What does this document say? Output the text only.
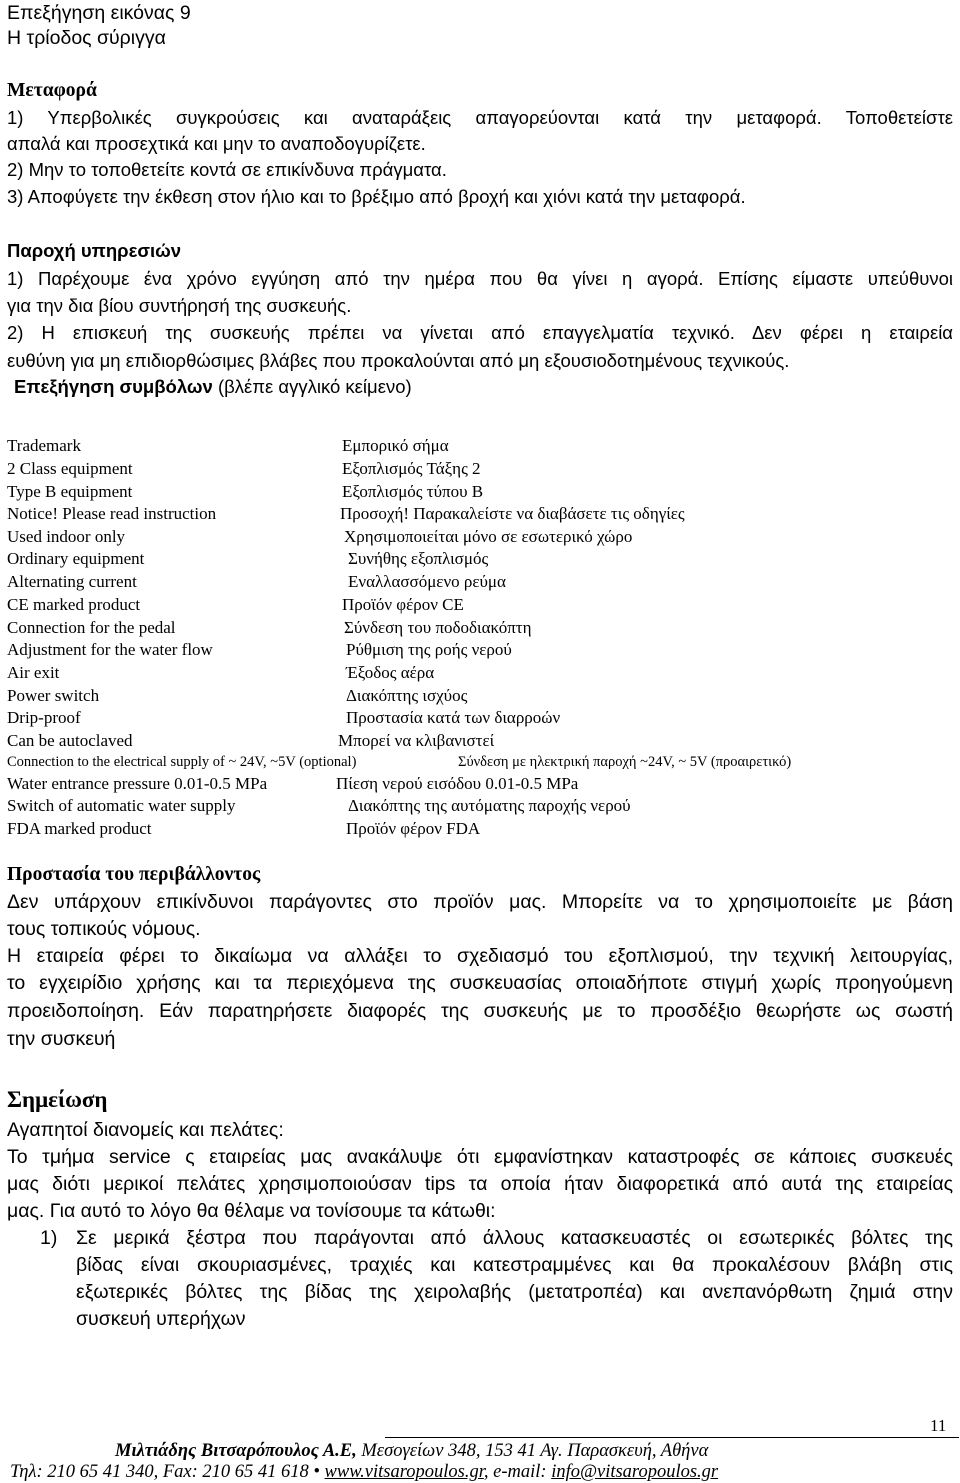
Επεξήγηση εικόνας 9
Η τρίοδος σύριγγα
Μεταφορά
1) Υπερβολικές συγκρούσεις και αναταράξεις απαγορεύονται κατά την μεταφορά. Τοποθετείστε
απαλά και προσεχτικά και μην το αναποδογυρίζετε.
2) Μην το τοποθετείτε κοντά σε επικίνδυνα πράγματα.
3) Αποφύγετε την έκθεση στον ήλιο και το βρέξιμο από βροχή και χιόνι κατά την μεταφορά.
Παροχή υπηρεσιών
1) Παρέχουμε ένα χρόνο εγγύηση από την ημέρα που θα γίνει η αγορά. Επίσης είμαστε υπεύθυνοι
για την δια βίου συντήρησή της συσκευής.
2) Η επισκευή της συσκευής πρέπει να γίνεται από επαγγελματία τεχνικό. Δεν φέρει η εταιρεία
ευθύνη για μη επιδιορθώσιμες βλάβες που προκαλούνται από μη εξουσιοδοτημένους τεχνικούς.
Επεξήγηση συμβόλων (βλέπε αγγλικό κείμενο)
Trademark	Εμπορικό σήμα
2 Class equipment	Εξοπλισμός Τάξης 2
Type B equipment	Εξοπλισμός τύπου Β
Notice! Please read instruction	Προσοχή! Παρακαλείστε να διαβάσετε τις οδηγίες
Used indoor only	Χρησιμοποιείται μόνο σε εσωτερικό χώρο
Ordinary equipment	Συνήθης εξοπλισμός
Alternating current	Εναλλασσόμενο ρεύμα
CE marked product	Προϊόν φέρον CE
Connection for the pedal	Σύνδεση του ποδοδιακόπτη
Adjustment for the water flow	Ρύθμιση της ροής νερού
Air exit	Έξοδος αέρα
Power switch	Διακόπτης ισχύος
Drip-proof	Προστασία κατά των διαρροών
Can be autoclaved	Μπορεί να κλιβανιστεί
Connection to the electrical supply of ~ 24V, ~5V (optional)	Σύνδεση με ηλεκτρική παροχή ~24V, ~ 5V (προαιρετικό)
Water entrance pressure 0.01-0.5 MPa	Πίεση νερού εισόδου 0.01-0.5 MPa
Switch of automatic water supply	Διακόπτης της αυτόματης παροχής νερού
FDA marked product	Προϊόν φέρον FDA
Προστασία του περιβάλλοντος
Δεν υπάρχουν επικίνδυνοι παράγοντες στο προϊόν μας. Μπορείτε να το χρησιμοποιείτε με βάση
τους τοπικούς νόμους.
Η εταιρεία φέρει το δικαίωμα να αλλάξει το σχεδιασμό του εξοπλισμού, την τεχνική λειτουργίας,
το εγχειρίδιο χρήσης και τα περιεχόμενα της συσκευασίας οποιαδήποτε στιγμή χωρίς προηγούμενη
προειδοποίηση. Εάν παρατηρήσετε διαφορές της συσκευής με το προσδέξιο θεωρήστε ως σωστή
την συσκευή
Σημείωση
Αγαπητοί διανομείς και πελάτες:
Το τμήμα service ς εταιρείας μας ανακάλυψε ότι εμφανίστηκαν καταστροφές σε κάποιες συσκευές
μας διότι μερικοί πελάτες χρησιμοποιούσαν tips τα οποία ήταν διαφορετικά από αυτά της εταιρείας
μας. Για αυτό το λόγο θα θέλαμε να τονίσουμε τα κάτωθι:
1) Σε μερικά ξέστρα που παράγονται από άλλους κατασκευαστές οι εσωτερικές βόλτες της
βίδας είναι σκουριασμένες, τραχιές και κατεστραμμένες και θα προκαλέσουν βλάβη στις
εξωτερικές βόλτες της βίδας της χειρολαβής (μετατροπέα) και ανεπανόρθωτη ζημιά στην
συσκευή υπερήχων
11
Μιλτιάδης Βιτσαρόπουλος Α.Ε, Μεσογείων 348, 153 41 Αγ. Παρασκευή, Αθήνα
Τηλ: 210 65 41 340, Fax: 210 65 41 618 • www.vitsaropoulos.gr, e-mail: info@vitsaropoulos.gr
